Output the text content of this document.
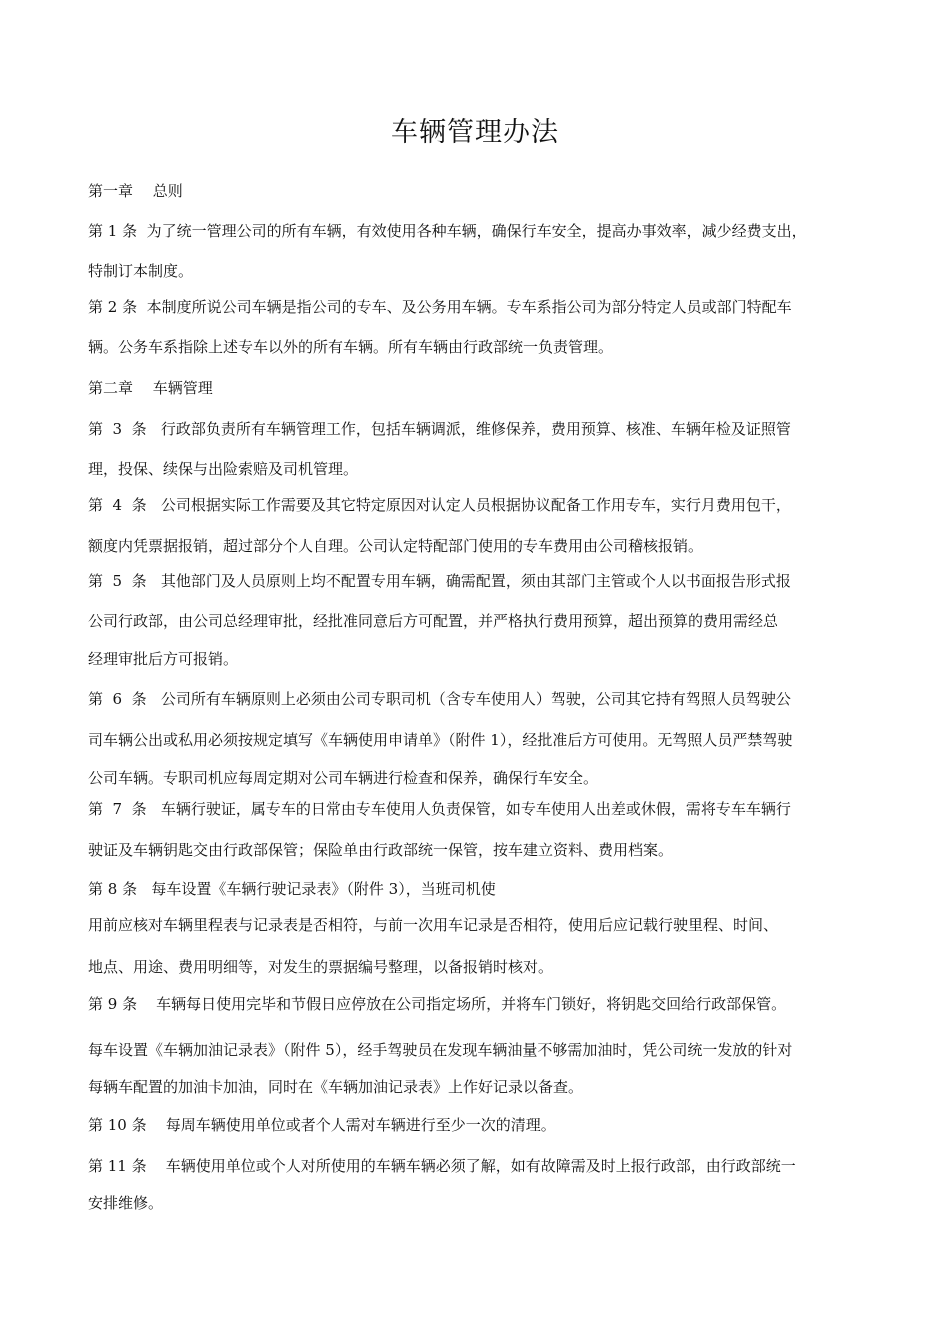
车辆管理办法
第一章　 总则
第二章　 车辆管理
第 1 条  为了统一管理公司的所有车辆，有效使用各种车辆，确保行车安全，提高办事效率，减少经费支出，
特制订本制度。
第 2 条  本制度所说公司车辆是指公司的专车、及公务用车辆。专车系指公司为部分特定人员或部门特配车
辆。公务车系指除上述专车以外的所有车辆。所有车辆由行政部统一负责管理。
第  3  条   行政部负责所有车辆管理工作，包括车辆调派，维修保养，费用预算、核准、车辆年检及证照管
理，投保、续保与出险索赔及司机管理。
第  4  条   公司根据实际工作需要及其它特定原因对认定人员根据协议配备工作用专车，实行月费用包干，
额度内凭票据报销，超过部分个人自理。公司认定特配部门使用的专车费用由公司稽核报销。
第  5  条   其他部门及人员原则上均不配置专用车辆，确需配置，须由其部门主管或个人以书面报告形式报
公司行政部，由公司总经理审批，经批准同意后方可配置，并严格执行费用预算，超出预算的费用需经总
经理审批后方可报销。
第  6  条   公司所有车辆原则上必须由公司专职司机（含专车使用人）驾驶，公司其它持有驾照人员驾驶公
司车辆公出或私用必须按规定填写《车辆使用申请单》（附件 1），经批准后方可使用。无驾照人员严禁驾驶
公司车辆。专职司机应每周定期对公司车辆进行检查和保养，确保行车安全。
第  7  条   车辆行驶证，属专车的日常由专车使用人负责保管，如专车使用人出差或休假，需将专车车辆行
驶证及车辆钥匙交由行政部保管；保险单由行政部统一保管，按车建立资料、费用档案。
第 8 条   每车设置《车辆行驶记录表》（附件 3），当班司机使
用前应核对车辆里程表与记录表是否相符，与前一次用车记录是否相符，使用后应记载行驶里程、时间、
地点、用途、费用明细等，对发生的票据编号整理，以备报销时核对。
第 9 条    车辆每日使用完毕和节假日应停放在公司指定场所，并将车门锁好，将钥匙交回给行政部保管。
每车设置《车辆加油记录表》（附件 5），经手驾驶员在发现车辆油量不够需加油时，凭公司统一发放的针对
每辆车配置的加油卡加油，同时在《车辆加油记录表》上作好记录以备查。
第 10 条    每周车辆使用单位或者个人需对车辆进行至少一次的清理。
第 11 条    车辆使用单位或个人对所使用的车辆车辆必须了解，如有故障需及时上报行政部，由行政部统一
安排维修。
